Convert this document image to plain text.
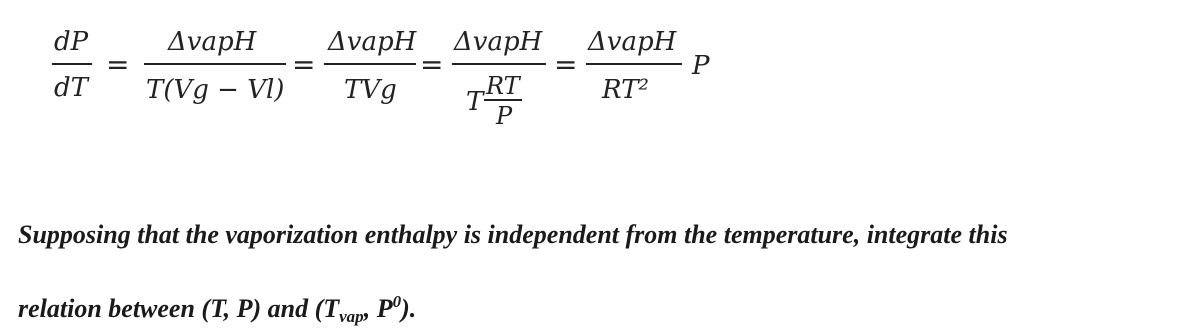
dP
dT
=
ΔvapH
T(Vg − Vl)
=
ΔvapH
TVg
=
ΔvapH
T
RT
P
=
ΔvapH
RT²
P

Supposing that the vaporization enthalpy is independent from the temperature, integrate this

relation between (T, P) and ($T_{vap}$, $P^0$).
